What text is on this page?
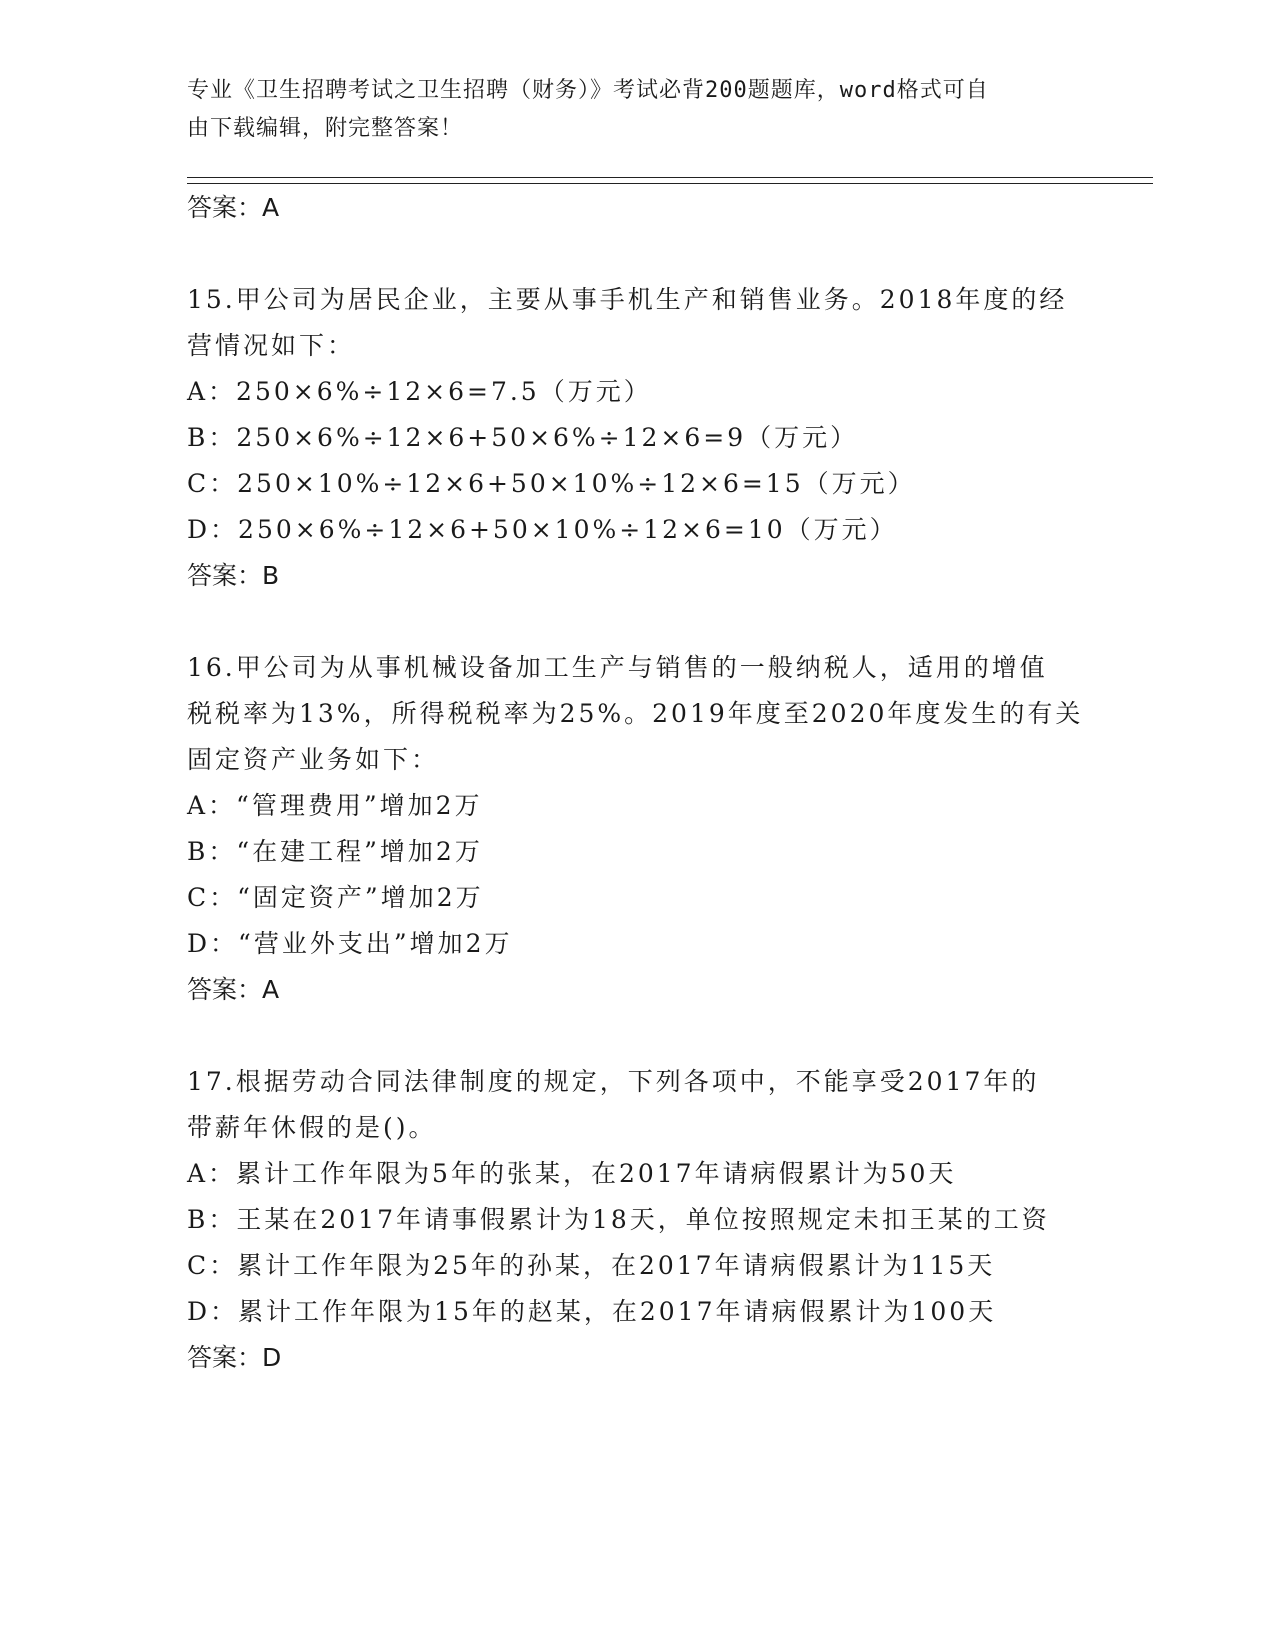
专业《卫生招聘考试之卫生招聘（财务）》考试必背200题题库，word格式可自
由下载编辑，附完整答案！
答案：A
15.甲公司为居民企业，主要从事手机生产和销售业务。2018年度的经
营情况如下：
A：250×6%÷12×6=7.5（万元）
B：250×6%÷12×6+50×6%÷12×6=9（万元）
C：250×10%÷12×6+50×10%÷12×6=15（万元）
D：250×6%÷12×6+50×10%÷12×6=10（万元）
答案：B
16.甲公司为从事机械设备加工生产与销售的一般纳税人，适用的增值
税税率为13%，所得税税率为25%。2019年度至2020年度发生的有关
固定资产业务如下：
A：“管理费用”增加2万
B：“在建工程”增加2万
C：“固定资产”增加2万
D：“营业外支出”增加2万
答案：A
17.根据劳动合同法律制度的规定，下列各项中，不能享受2017年的
带薪年休假的是()。
A：累计工作年限为5年的张某，在2017年请病假累计为50天
B：王某在2017年请事假累计为18天，单位按照规定未扣王某的工资
C：累计工作年限为25年的孙某，在2017年请病假累计为115天
D：累计工作年限为15年的赵某，在2017年请病假累计为100天
答案：D
